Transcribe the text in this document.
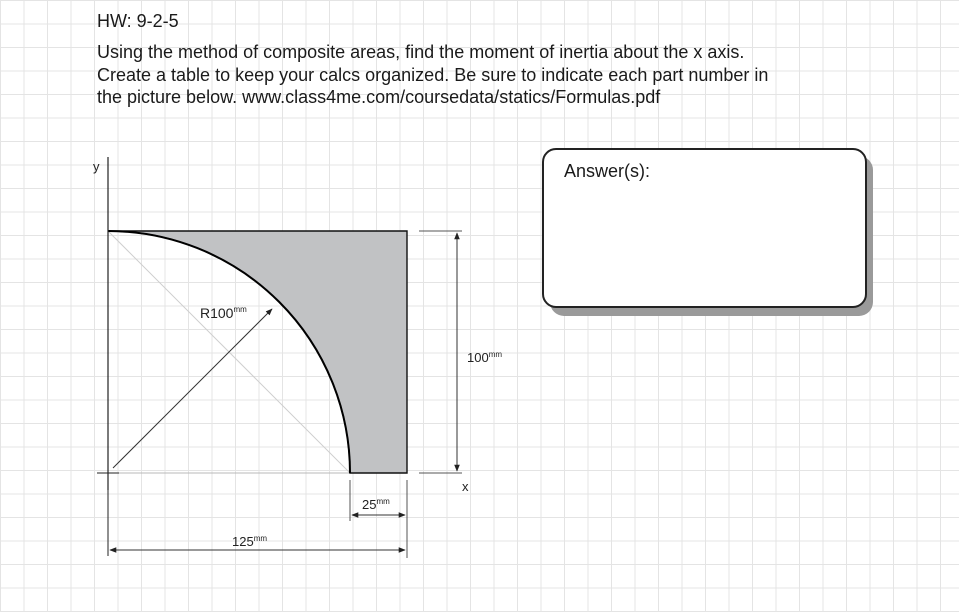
HW: 9-2-5
Using the method of composite areas, find the moment of inertia about the x axis.
Create a table to keep your calcs organized. Be sure to indicate each part number in
the picture below. www.class4me.com/coursedata/statics/Formulas.pdf
Answer(s):
y
$R100^{mm}$
$100^{mm}$
x
$25^{mm}$
$125^{mm}$
